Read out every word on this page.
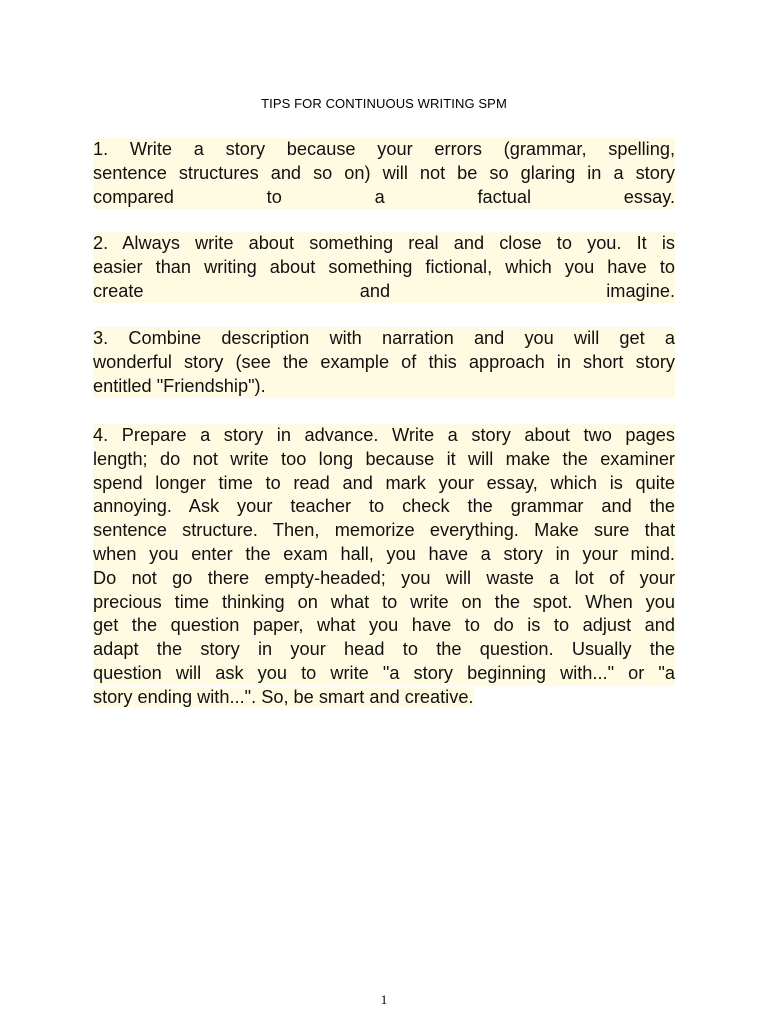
TIPS FOR CONTINUOUS WRITING SPM
1. Write a story because your errors (grammar, spelling,
sentence structures and so on) will not be so glaring in a story
compared to a factual essay.
2. Always write about something real and close to you. It is
easier than writing about something fictional, which you have to
create and imagine.
3. Combine description with narration and you will get a
wonderful story (see the example of this approach in short story
entitled "Friendship").
4. Prepare a story in advance. Write a story about two pages
length; do not write too long because it will make the examiner
spend longer time to read and mark your essay, which is quite
annoying. Ask your teacher to check the grammar and the
sentence structure. Then, memorize everything. Make sure that
when you enter the exam hall, you have a story in your mind.
Do not go there empty-headed; you will waste a lot of your
precious time thinking on what to write on the spot. When you
get the question paper, what you have to do is to adjust and
adapt the story in your head to the question. Usually the
question will ask you to write "a story beginning with..." or "a
story ending with...". So, be smart and creative.
1
